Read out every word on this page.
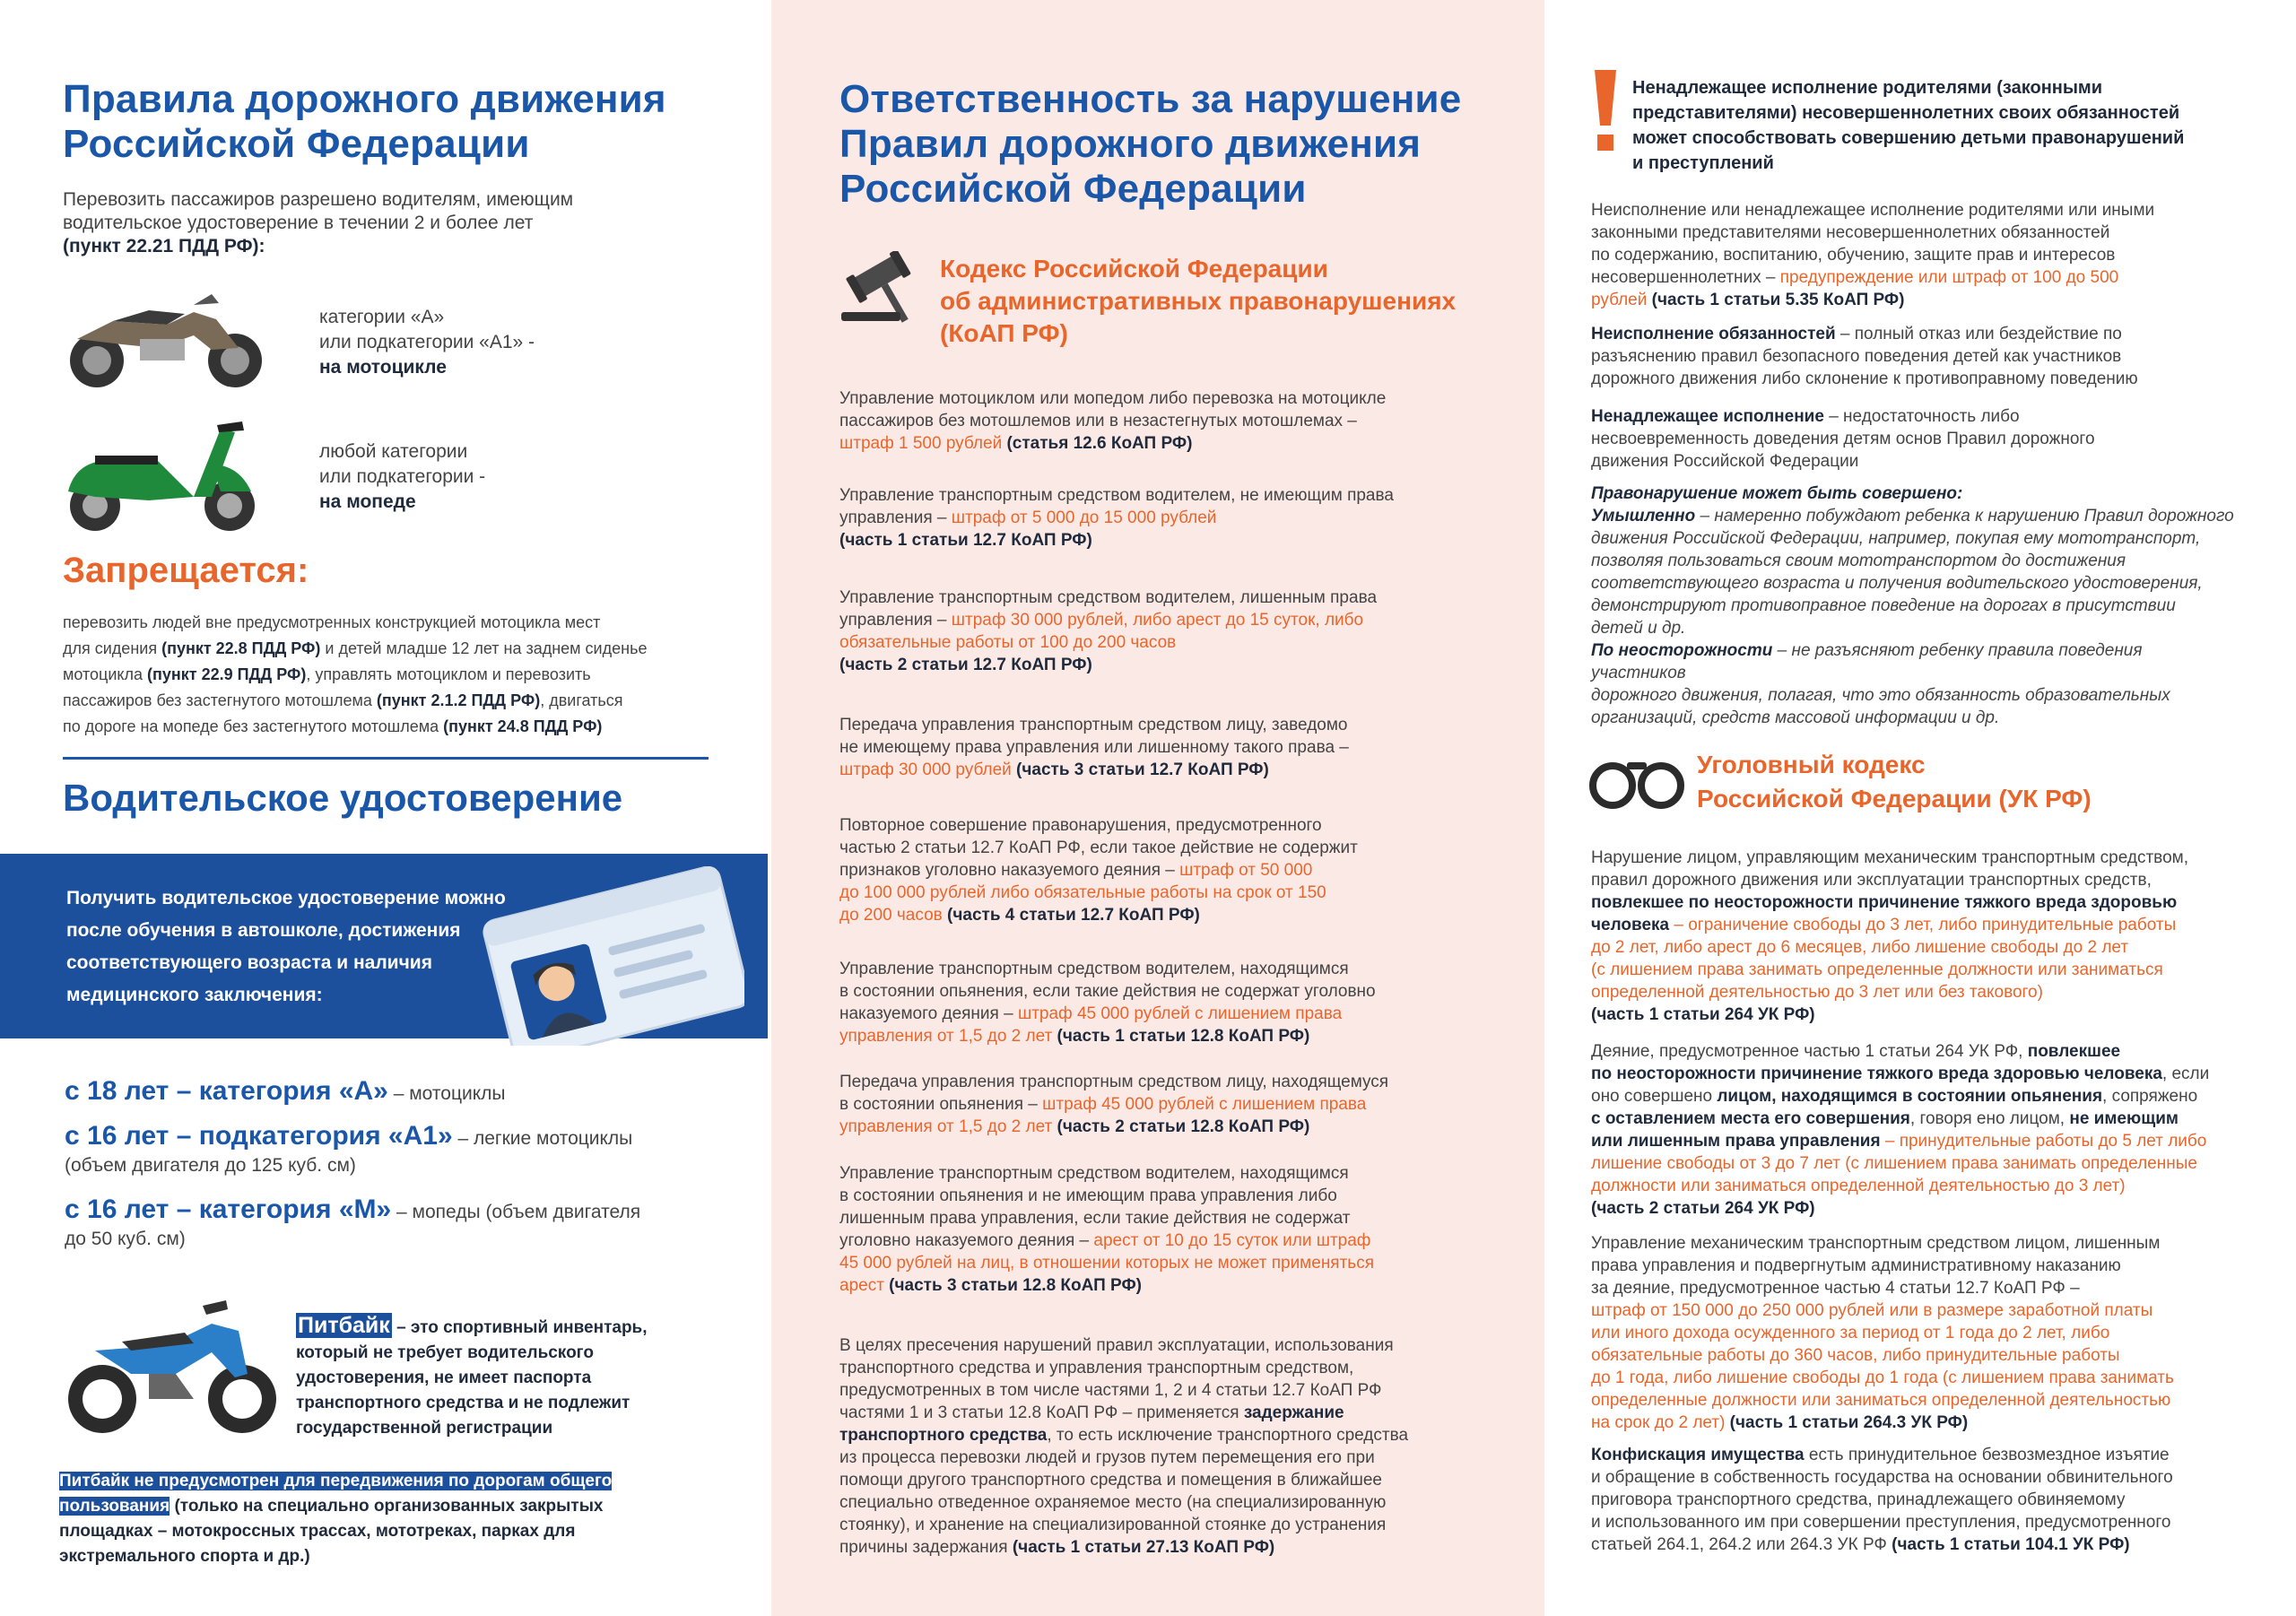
Правила дорожного движения
Российской Федерации
Перевозить пассажиров разрешено водителям, имеющим
водительское удостоверение в течении 2 и более лет
(пункт 22.21 ПДД РФ):
категории «А»
или подкатегории «А1» -
на мотоцикле
любой категории
или подкатегории -
на мопеде
Запрещается:
перевозить людей вне предусмотренных конструкцией мотоцикла мест
для сидения (пункт 22.8 ПДД РФ) и детей младше 12 лет на заднем сиденье
мотоцикла (пункт 22.9 ПДД РФ), управлять мотоциклом и перевозить
пассажиров без застегнутого мотошлема (пункт 2.1.2 ПДД РФ), двигаться
по дороге на мопеде без застегнутого мотошлема (пункт 24.8 ПДД РФ)
Водительское удостоверение
Получить водительское удостоверение можно
после обучения в автошколе, достижения
соответствующего возраста и наличия
медицинского заключения:
с 18 лет – категория «А» – мотоциклы
с 16 лет – подкатегория «А1» – легкие мотоциклы
(объем двигателя до 125 куб. см)
с 16 лет – категория «М» – мопеды (объем двигателя
до 50 куб. см)
Питбайк – это спортивный инвентарь,
который не требует водительского
удостоверения, не имеет паспорта
транспортного средства и не подлежит
государственной регистрации
Питбайк не предусмотрен для передвижения по дорогам общего
пользования (только на специально организованных закрытых
площадках – мотокроссных трассах, мототреках, парках для
экстремального спорта и др.)
Ответственность за нарушение
Правил дорожного движения
Российской Федерации
Кодекс Российской Федерации
об административных правонарушениях
(КоАП РФ)
Управление мотоциклом или мопедом либо перевозка на мотоцикле
пассажиров без мотошлемов или в незастегнутых мотошлемах –
штраф 1 500 рублей (статья 12.6 КоАП РФ)
Управление транспортным средством водителем, не имеющим права
управления – штраф от 5 000 до 15 000 рублей
(часть 1 статьи 12.7 КоАП РФ)
Управление транспортным средством водителем, лишенным права
управления – штраф 30 000 рублей, либо арест до 15 суток, либо
обязательные работы от 100 до 200 часов
(часть 2 статьи 12.7 КоАП РФ)
Передача управления транспортным средством лицу, заведомо
не имеющему права управления или лишенному такого права –
штраф 30 000 рублей (часть 3 статьи 12.7 КоАП РФ)
Повторное совершение правонарушения, предусмотренного
частью 2 статьи 12.7 КоАП РФ, если такое действие не содержит
признаков уголовно наказуемого деяния – штраф от 50 000
до 100 000 рублей либо обязательные работы на срок от 150
до 200 часов (часть 4 статьи 12.7 КоАП РФ)
Управление транспортным средством водителем, находящимся
в состоянии опьянения, если такие действия не содержат уголовно
наказуемого деяния – штраф 45 000 рублей с лишением права
управления от 1,5 до 2 лет (часть 1 статьи 12.8 КоАП РФ)
Передача управления транспортным средством лицу, находящемуся
в состоянии опьянения – штраф 45 000 рублей с лишением права
управления от 1,5 до 2 лет (часть 2 статьи 12.8 КоАП РФ)
Управление транспортным средством водителем, находящимся
в состоянии опьянения и не имеющим права управления либо
лишенным права управления, если такие действия не содержат
уголовно наказуемого деяния – арест от 10 до 15 суток или штраф
45 000 рублей на лиц, в отношении которых не может применяться
арест (часть 3 статьи 12.8 КоАП РФ)
В целях пресечения нарушений правил эксплуатации, использования
транспортного средства и управления транспортным средством,
предусмотренных в том числе частями 1, 2 и 4 статьи 12.7 КоАП РФ
частями 1 и 3 статьи 12.8 КоАП РФ – применяется задержание
транспортного средства, то есть исключение транспортного средства
из процесса перевозки людей и грузов путем перемещения его при
помощи другого транспортного средства и помещения в ближайшее
специально отведенное охраняемое место (на специализированную
стоянку), и хранение на специализированной стоянке до устранения
причины задержания (часть 1 статьи 27.13 КоАП РФ)
Ненадлежащее исполнение родителями (законными
представителями) несовершеннолетних своих обязанностей
может способствовать совершению детьми правонарушений
и преступлений
Неисполнение или ненадлежащее исполнение родителями или иными
законными представителями несовершеннолетних обязанностей
по содержанию, воспитанию, обучению, защите прав и интересов
несовершеннолетних – предупреждение или штраф от 100 до 500
рублей (часть 1 статьи 5.35 КоАП РФ)
Неисполнение обязанностей – полный отказ или бездействие по
разъяснению правил безопасного поведения детей как участников
дорожного движения либо склонение к противоправному поведению
Ненадлежащее исполнение – недостаточность либо
несвоевременность доведения детям основ Правил дорожного
движения Российской Федерации
Правонарушение может быть совершено:
Умышленно – намеренно побуждают ребенка к нарушению Правил дорожного
движения Российской Федерации, например, покупая ему мототранспорт,
позволяя пользоваться своим мототранспортом до достижения
соответствующего возраста и получения водительского удостоверения,
демонстрируют противоправное поведение на дорогах в присутствии
детей и др.
По неосторожности – не разъясняют ребенку правила поведения участников
дорожного движения, полагая, что это обязанность образовательных
организаций, средств массовой информации и др.
Уголовный кодекс
Российской Федерации (УК РФ)
Нарушение лицом, управляющим механическим транспортным средством,
правил дорожного движения или эксплуатации транспортных средств,
повлекшее по неосторожности причинение тяжкого вреда здоровью
человека – ограничение свободы до 3 лет, либо принудительные работы
до 2 лет, либо арест до 6 месяцев, либо лишение свободы до 2 лет
(с лишением права занимать определенные должности или заниматься
определенной деятельностью до 3 лет или без такового)
(часть 1 статьи 264 УК РФ)
Деяние, предусмотренное частью 1 статьи 264 УК РФ, повлекшее
по неосторожности причинение тяжкого вреда здоровью человека, если
оно совершено лицом, находящимся в состоянии опьянения, сопряжено
с оставлением места его совершения, говоря ено лицом, не имеющим
или лишенным права управления – принудительные работы до 5 лет либо
лишение свободы от 3 до 7 лет (с лишением права занимать определенные
должности или заниматься определенной деятельностью до 3 лет)
(часть 2 статьи 264 УК РФ)
Управление механическим транспортным средством лицом, лишенным
права управления и подвергнутым административному наказанию
за деяние, предусмотренное частью 4 статьи 12.7 КоАП РФ –
штраф от 150 000 до 250 000 рублей или в размере заработной платы
или иного дохода осужденного за период от 1 года до 2 лет, либо
обязательные работы до 360 часов, либо принудительные работы
до 1 года, либо лишение свободы до 1 года (с лишением права занимать
определенные должности или заниматься определенной деятельностью
на срок до 2 лет) (часть 1 статьи 264.3 УК РФ)
Конфискация имущества есть принудительное безвозмездное изъятие
и обращение в собственность государства на основании обвинительного
приговора транспортного средства, принадлежащего обвиняемому
и использованного им при совершении преступления, предусмотренного
статьей 264.1, 264.2 или 264.3 УК РФ (часть 1 статьи 104.1 УК РФ)
